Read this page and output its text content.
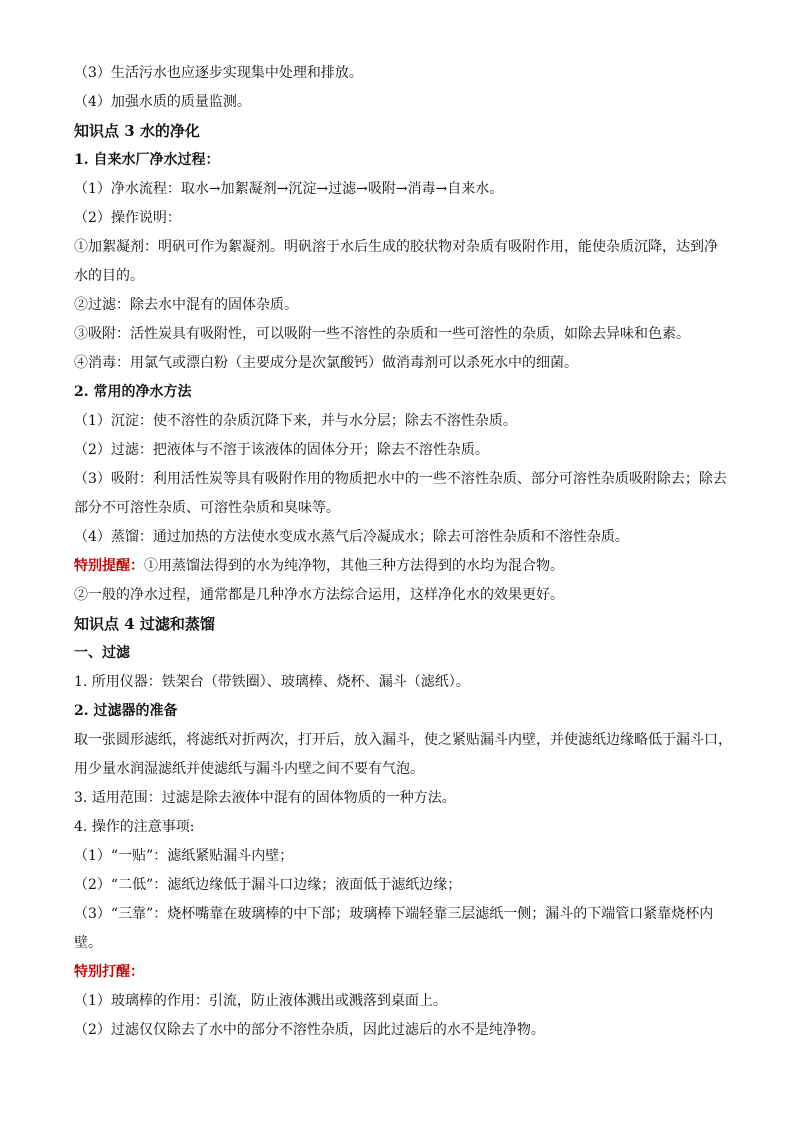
（3）生活污水也应逐步实现集中处理和排放。
（4）加强水质的质量监测。
知识点 3 水的净化
1. 自来水厂净水过程：
（1）净水流程：取水→加絮凝剂→沉淀→过滤→吸附→消毒→自来水。
（2）操作说明：
①加絮凝剂：明矾可作为絮凝剂。明矾溶于水后生成的胶状物对杂质有吸附作用，能使杂质沉降，达到净
水的目的。
②过滤：除去水中混有的固体杂质。
③吸附：活性炭具有吸附性，可以吸附一些不溶性的杂质和一些可溶性的杂质，如除去异味和色素。
④消毒：用氯气或漂白粉（主要成分是次氯酸钙）做消毒剂可以杀死水中的细菌。
2. 常用的净水方法
（1）沉淀：使不溶性的杂质沉降下来，并与水分层；除去不溶性杂质。
（2）过滤：把液体与不溶于该液体的固体分开；除去不溶性杂质。
（3）吸附：利用活性炭等具有吸附作用的物质把水中的一些不溶性杂质、部分可溶性杂质吸附除去；除去
部分不可溶性杂质、可溶性杂质和臭味等。
（4）蒸馏：通过加热的方法使水变成水蒸气后冷凝成水；除去可溶性杂质和不溶性杂质。
特别提醒：①用蒸馏法得到的水为纯净物，其他三种方法得到的水均为混合物。
②一般的净水过程，通常都是几种净水方法综合运用，这样净化水的效果更好。
知识点 4 过滤和蒸馏
一、过滤
1. 所用仪器：铁架台（带铁圈）、玻璃棒、烧杯、漏斗（滤纸）。
2. 过滤器的准备
取一张圆形滤纸，将滤纸对折两次，打开后，放入漏斗，使之紧贴漏斗内壁，并使滤纸边缘略低于漏斗口，
用少量水润湿滤纸并使滤纸与漏斗内壁之间不要有气泡。
3. 适用范围：过滤是除去液体中混有的固体物质的一种方法。
4. 操作的注意事项:
（1）“一贴”：滤纸紧贴漏斗内壁；
（2）“二低”：滤纸边缘低于漏斗口边缘；液面低于滤纸边缘；
（3）“三靠”：烧杯嘴靠在玻璃棒的中下部；玻璃棒下端轻靠三层滤纸一侧；漏斗的下端管口紧靠烧杯内
壁。
特别打醒：
（1）玻璃棒的作用：引流，防止液体溅出或溅落到桌面上。
（2）过滤仅仅除去了水中的部分不溶性杂质，因此过滤后的水不是纯净物。
